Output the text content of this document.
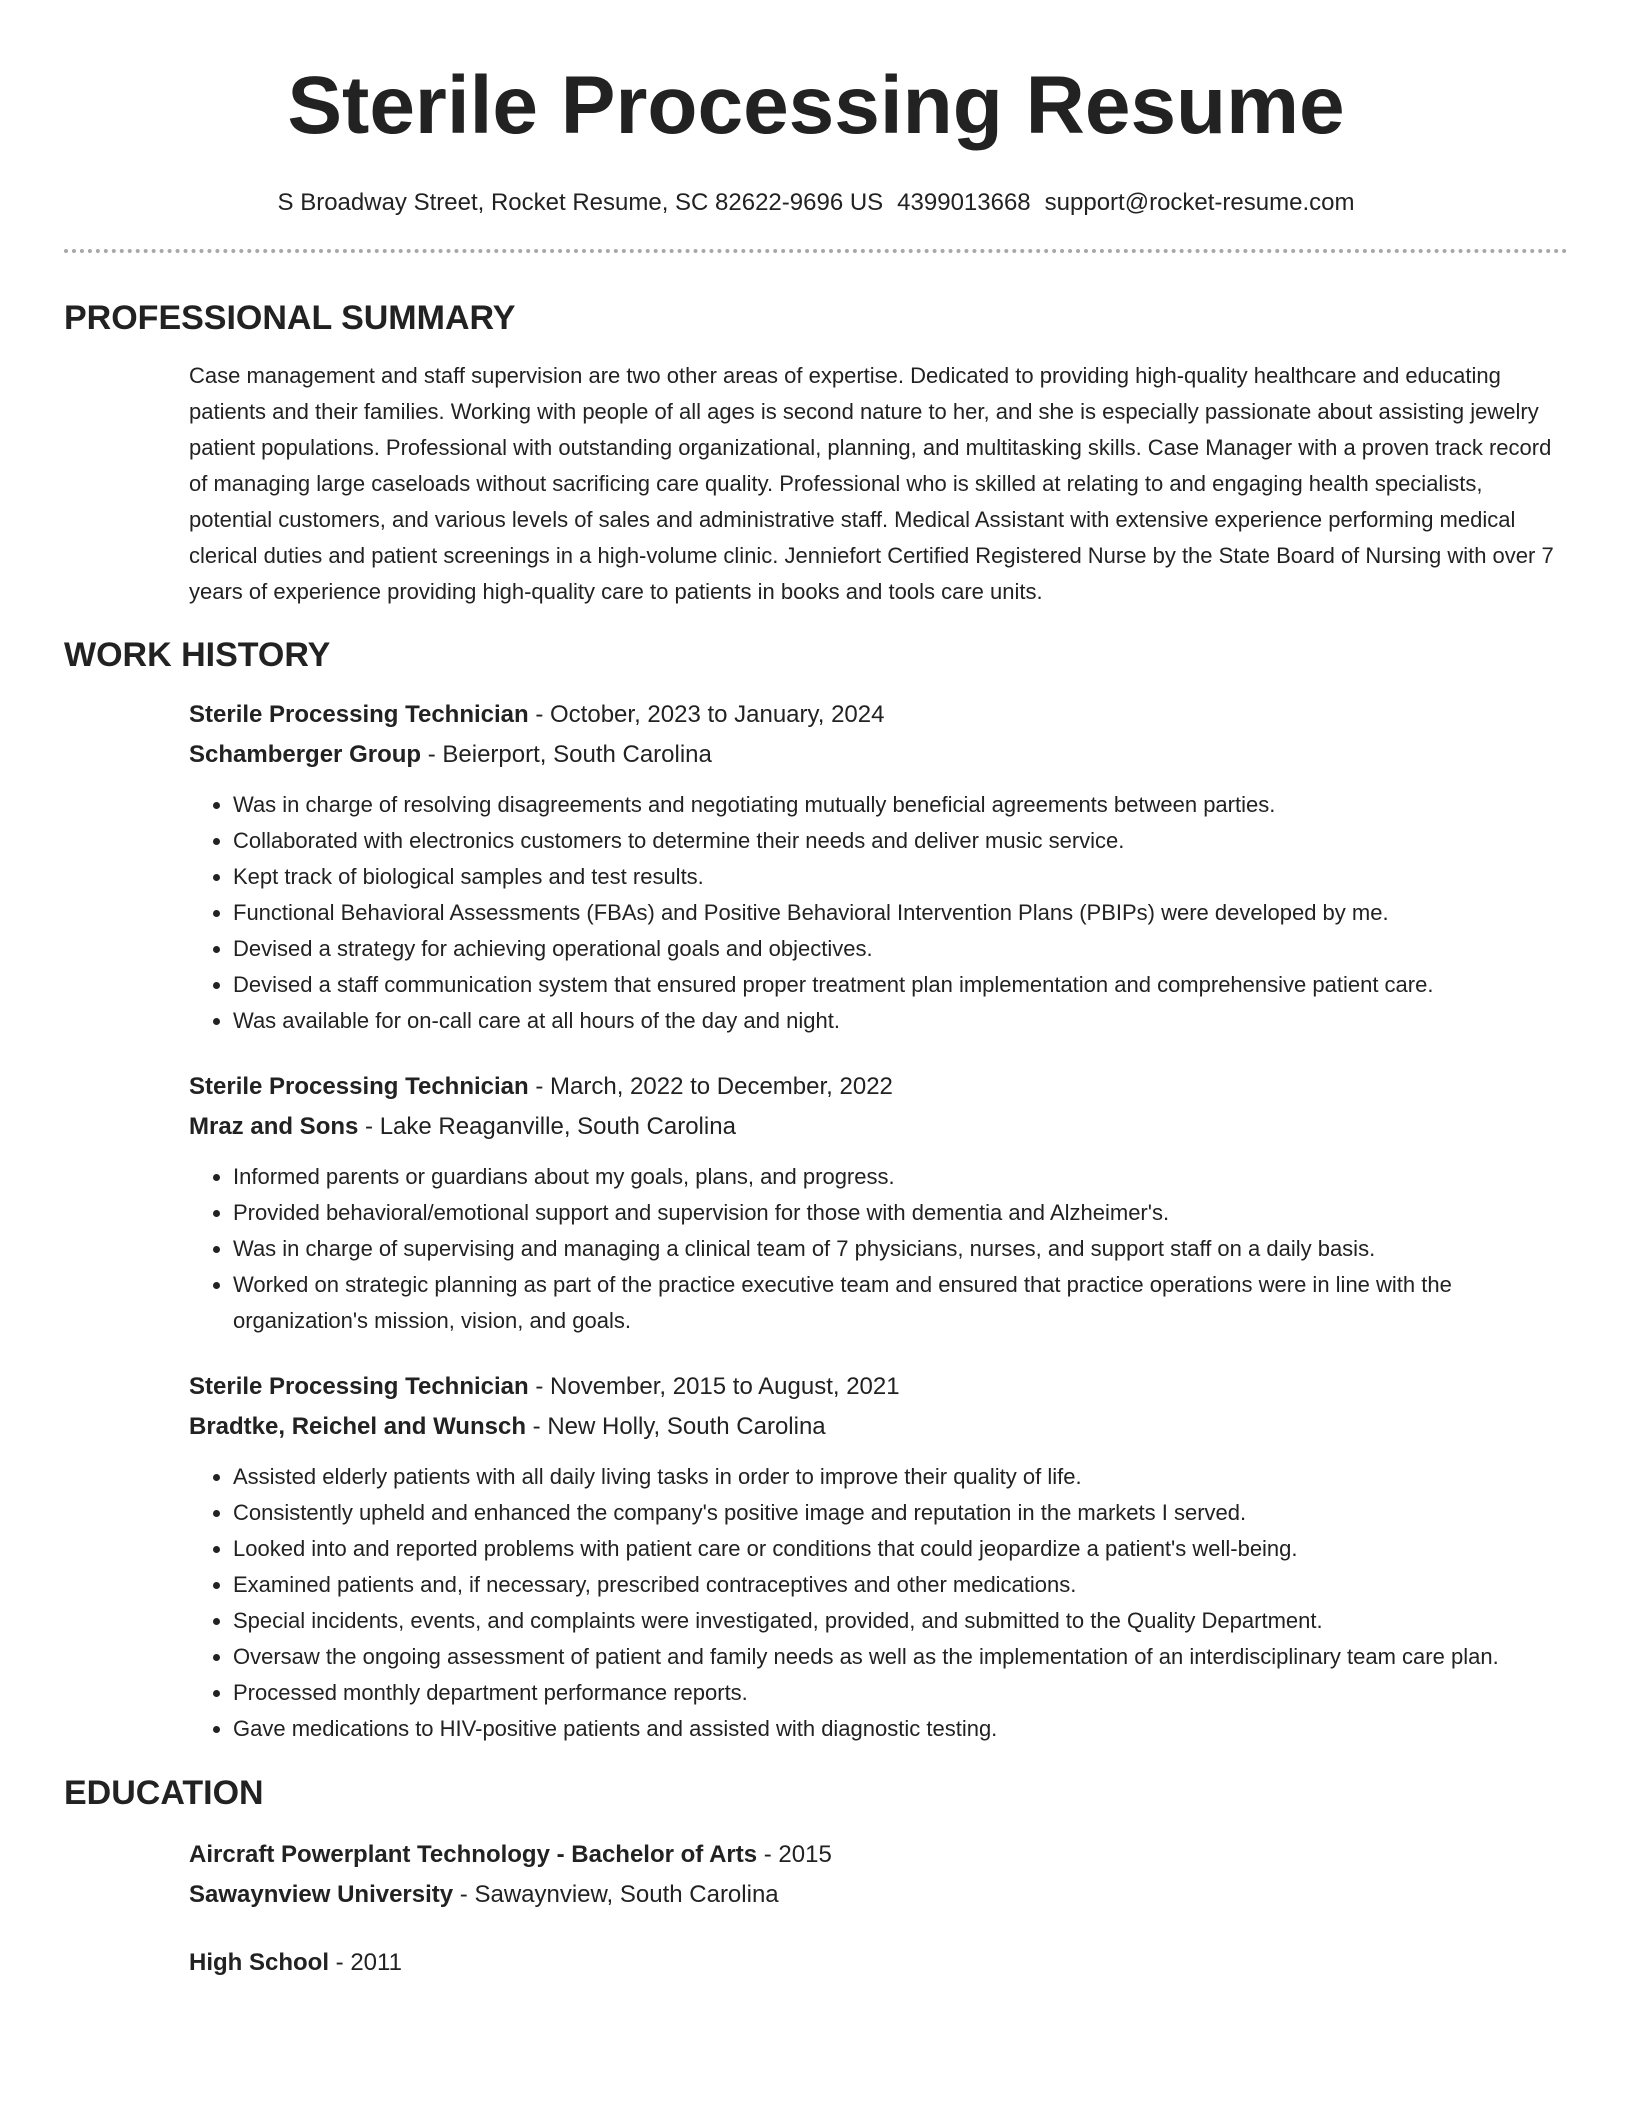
Sterile Processing Resume
S Broadway Street, Rocket Resume, SC 82622-9696 US 4399013668 support@rocket-resume.com
PROFESSIONAL SUMMARY

Case management and staff supervision are two other areas of expertise. Dedicated to providing high-quality healthcare and educating patients and their families. Working with people of all ages is second nature to her, and she is especially passionate about assisting jewelry patient populations. Professional with outstanding organizational, planning, and multitasking skills. Case Manager with a proven track record of managing large caseloads without sacrificing care quality. Professional who is skilled at relating to and engaging health specialists, potential customers, and various levels of sales and administrative staff. Medical Assistant with extensive experience performing medical clerical duties and patient screenings in a high-volume clinic. Jenniefort Certified Registered Nurse by the State Board of Nursing with over 7 years of experience providing high-quality care to patients in books and tools care units.

WORK HISTORY
Sterile Processing Technician - October, 2023 to January, 2024
Schamberger Group - Beierport, South Carolina
• Was in charge of resolving disagreements and negotiating mutually beneficial agreements between parties.
• Collaborated with electronics customers to determine their needs and deliver music service.
• Kept track of biological samples and test results.
• Functional Behavioral Assessments (FBAs) and Positive Behavioral Intervention Plans (PBIPs) were developed by me.
• Devised a strategy for achieving operational goals and objectives.
• Devised a staff communication system that ensured proper treatment plan implementation and comprehensive patient care.
• Was available for on-call care at all hours of the day and night.
Sterile Processing Technician - March, 2022 to December, 2022
Mraz and Sons - Lake Reaganville, South Carolina
• Informed parents or guardians about my goals, plans, and progress.
• Provided behavioral/emotional support and supervision for those with dementia and Alzheimer's.
• Was in charge of supervising and managing a clinical team of 7 physicians, nurses, and support staff on a daily basis.
• Worked on strategic planning as part of the practice executive team and ensured that practice operations were in line with the organization's mission, vision, and goals.
Sterile Processing Technician - November, 2015 to August, 2021
Bradtke, Reichel and Wunsch - New Holly, South Carolina
• Assisted elderly patients with all daily living tasks in order to improve their quality of life.
• Consistently upheld and enhanced the company's positive image and reputation in the markets I served.
• Looked into and reported problems with patient care or conditions that could jeopardize a patient's well-being.
• Examined patients and, if necessary, prescribed contraceptives and other medications.
• Special incidents, events, and complaints were investigated, provided, and submitted to the Quality Department.
• Oversaw the ongoing assessment of patient and family needs as well as the implementation of an interdisciplinary team care plan.
• Processed monthly department performance reports.
• Gave medications to HIV-positive patients and assisted with diagnostic testing.
EDUCATION
Aircraft Powerplant Technology - Bachelor of Arts - 2015
Sawaynview University - Sawaynview, South Carolina
High School - 2011
